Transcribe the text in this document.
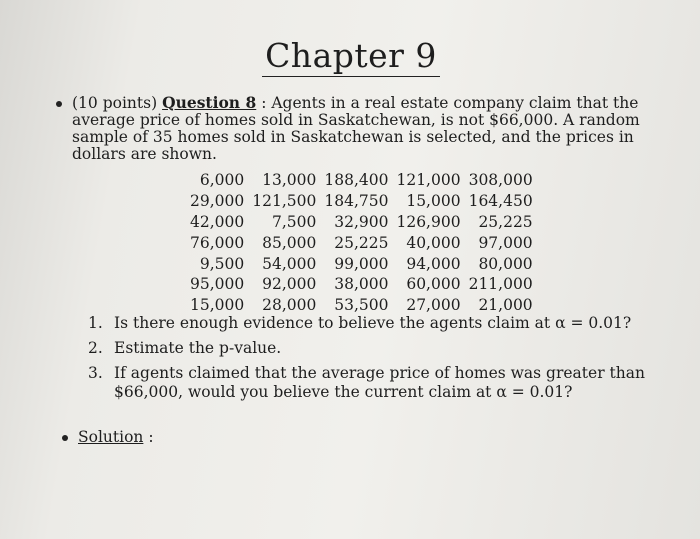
Chapter 9
(10 points) Question 8 : Agents in a real estate company claim that the average price of homes sold in Saskatchewan, is not $66,000. A random sample of 35 homes sold in Saskatchewan is selected, and the prices in dollars are shown.
6,000	13,000	188,400	121,000	308,000
29,000	121,500	184,750	15,000	164,450
42,000	7,500	32,900	126,900	25,225
76,000	85,000	25,225	40,000	97,000
9,500	54,000	99,000	94,000	80,000
95,000	92,000	38,000	60,000	211,000
15,000	28,000	53,500	27,000	21,000
1. Is there enough evidence to believe the agents claim at α = 0.01?
2. Estimate the p-value.
3. If agents claimed that the average price of homes was greater than $66,000, would you believe the current claim at α = 0.01?
Solution :
